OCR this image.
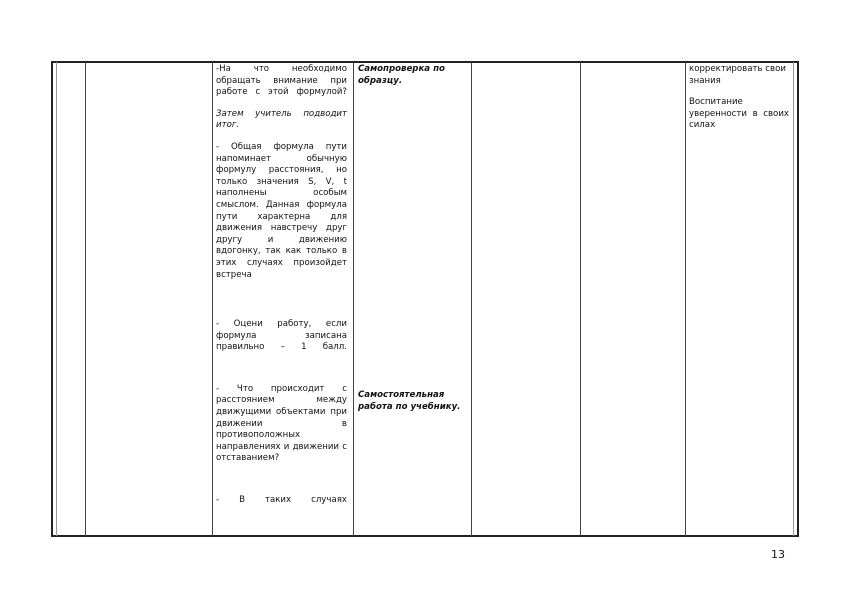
-На что необходимо обращать внимание при работе с этой формулой?

Затем учитель подводит итог.

- Общая формула пути напоминает обычную формулу расстояния, но только значения S, V, t наполнены особым смыслом. Данная формула пути характерна для движения навстречу друг другу и движению вдогонку, так как только в этих случаях произойдет встреча

- Оцени работу, если формула записана правильно – 1 балл.

- Что происходит с расстоянием между движущими объектами при движении в противоположных направлениях и движении с отставанием?

- В таких случаях

Самопроверка по образцу.
Самостоятельная работа по учебнику.

корректировать свои знания

Воспитание уверенности в своих силах

13
